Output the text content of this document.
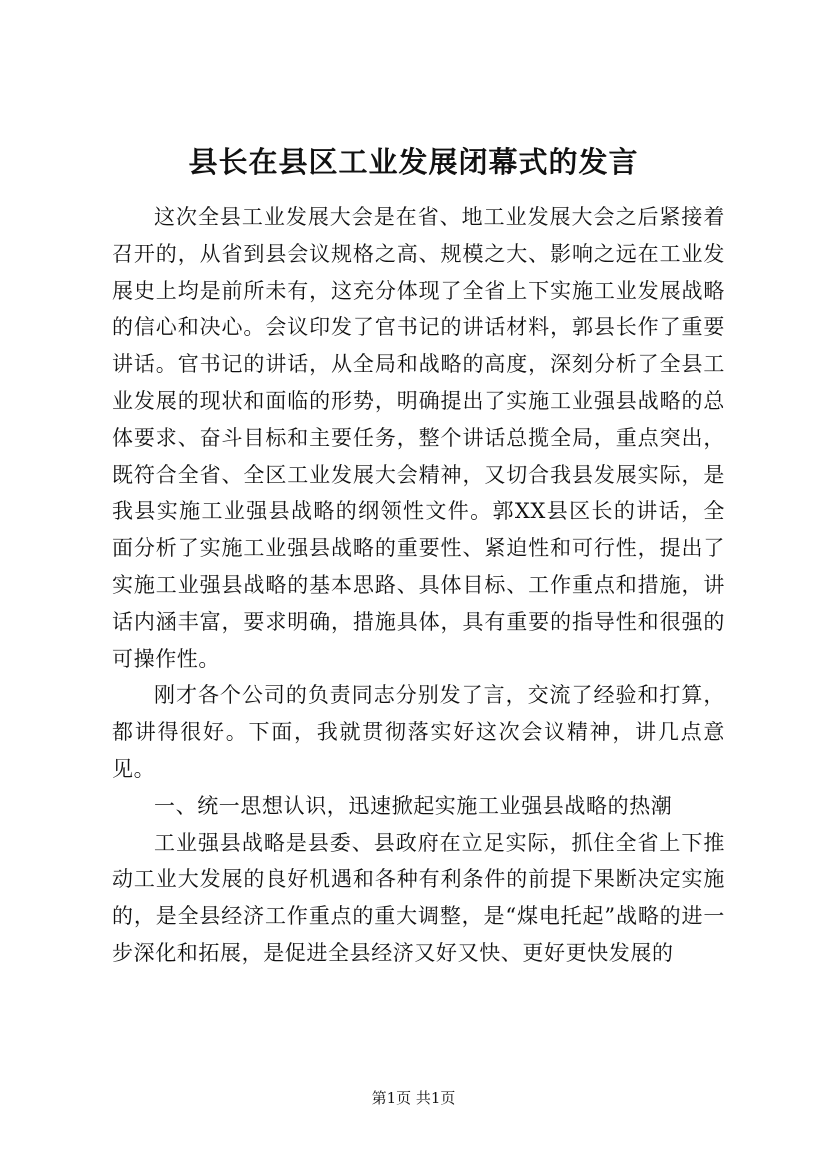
县长在县区工业发展闭幕式的发言

这次全县工业发展大会是在省、地工业发展大会之后紧接着召开的，从省到县会议规格之高、规模之大、影响之远在工业发展史上均是前所未有，这充分体现了全省上下实施工业发展战略的信心和决心。会议印发了官书记的讲话材料，郭县长作了重要讲话。官书记的讲话，从全局和战略的高度，深刻分析了全县工业发展的现状和面临的形势，明确提出了实施工业强县战略的总体要求、奋斗目标和主要任务，整个讲话总揽全局，重点突出，既符合全省、全区工业发展大会精神，又切合我县发展实际，是我县实施工业强县战略的纲领性文件。郭XX县区长的讲话，全面分析了实施工业强县战略的重要性、紧迫性和可行性，提出了实施工业强县战略的基本思路、具体目标、工作重点和措施，讲话内涵丰富，要求明确，措施具体，具有重要的指导性和很强的可操作性。

刚才各个公司的负责同志分别发了言，交流了经验和打算，都讲得很好。下面，我就贯彻落实好这次会议精神，讲几点意见。

一、统一思想认识，迅速掀起实施工业强县战略的热潮

工业强县战略是县委、县政府在立足实际，抓住全省上下推动工业大发展的良好机遇和各种有利条件的前提下果断决定实施的，是全县经济工作重点的重大调整，是“煤电托起”战略的进一步深化和拓展，是促进全县经济又好又快、更好更快发展的

第1页 共1页
